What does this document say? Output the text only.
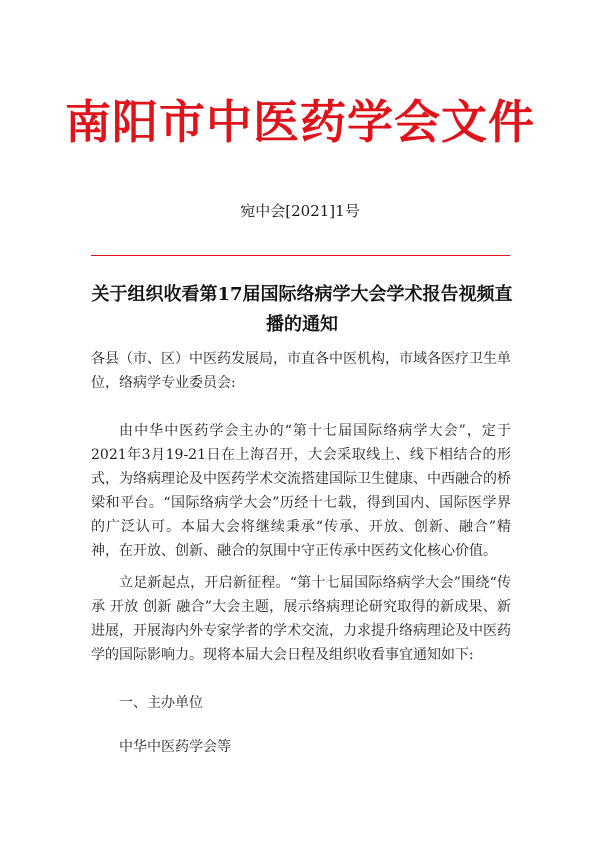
南阳市中医药学会文件
宛中会[2021]1号
关于组织收看第17届国际络病学大会学术报告视频直播的通知
各县（市、区）中医药发展局，市直各中医机构，市域各医疗卫生单位，络病学专业委员会:
由中华中医药学会主办的“第十七届国际络病学大会”，定于2021年3月19-21日在上海召开，大会采取线上、线下相结合的形式，为络病理论及中医药学术交流搭建国际卫生健康、中西融合的桥梁和平台。“国际络病学大会”历经十七载，得到国内、国际医学界的广泛认可。本届大会将继续秉承“传承、开放、创新、融合”精神，在开放、创新、融合的氛围中守正传承中医药文化核心价值。
立足新起点，开启新征程。“第十七届国际络病学大会”围绕“传承 开放 创新 融合”大会主题，展示络病理论研究取得的新成果、新进展，开展海内外专家学者的学术交流，力求提升络病理论及中医药学的国际影响力。现将本届大会日程及组织收看事宜通知如下:
一、主办单位
中华中医药学会等
